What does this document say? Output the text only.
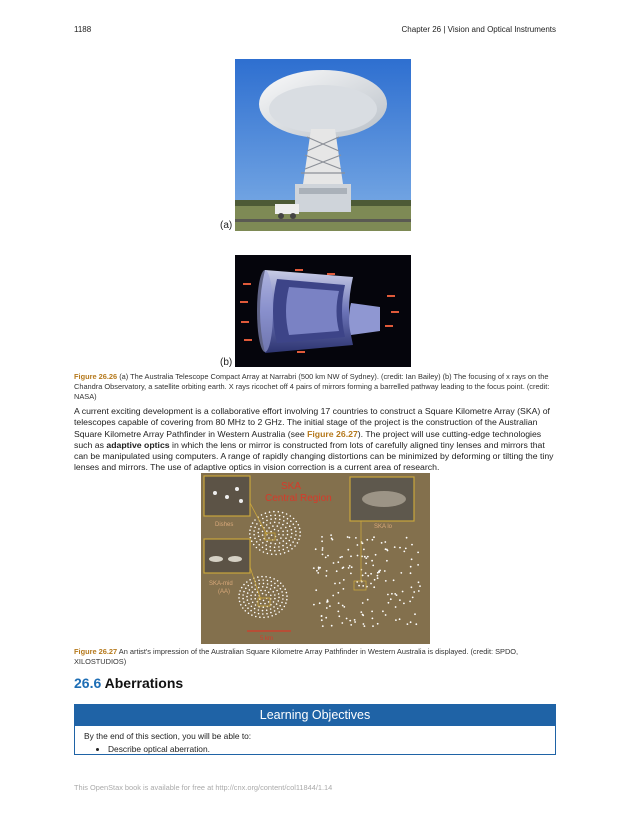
1188	Chapter 26 | Vision and Optical Instruments
(a)
(b)
Figure 26.26 (a) The Australia Telescope Compact Array at Narrabri (500 km NW of Sydney). (credit: Ian Bailey) (b) The focusing of x rays on the Chandra Observatory, a satellite orbiting earth. X rays ricochet off 4 pairs of mirrors forming a barrelled pathway leading to the focus point. (credit: NASA)
A current exciting development is a collaborative effort involving 17 countries to construct a Square Kilometre Array (SKA) of telescopes capable of covering from 80 MHz to 2 GHz. The initial stage of the project is the construction of the Australian Square Kilometre Array Pathfinder in Western Australia (see Figure 26.27). The project will use cutting-edge technologies such as adaptive optics in which the lens or mirror is constructed from lots of carefully aligned tiny lenses and mirrors that can be manipulated using computers. A range of rapidly changing distortions can be minimized by deforming or tilting the tiny lenses and mirrors. The use of adaptive optics in vision correction is a current area of research.
SKA
Central Region
Dishes	SKA lo
SKA-mid
(AA)
5 km
Figure 26.27 An artist's impression of the Australian Square Kilometre Array Pathfinder in Western Australia is displayed. (credit: SPDO, XILOSTUDIOS)
26.6 Aberrations
Learning Objectives
By the end of this section, you will be able to:
• Describe optical aberration.
This OpenStax book is available for free at http://cnx.org/content/col11844/1.14
